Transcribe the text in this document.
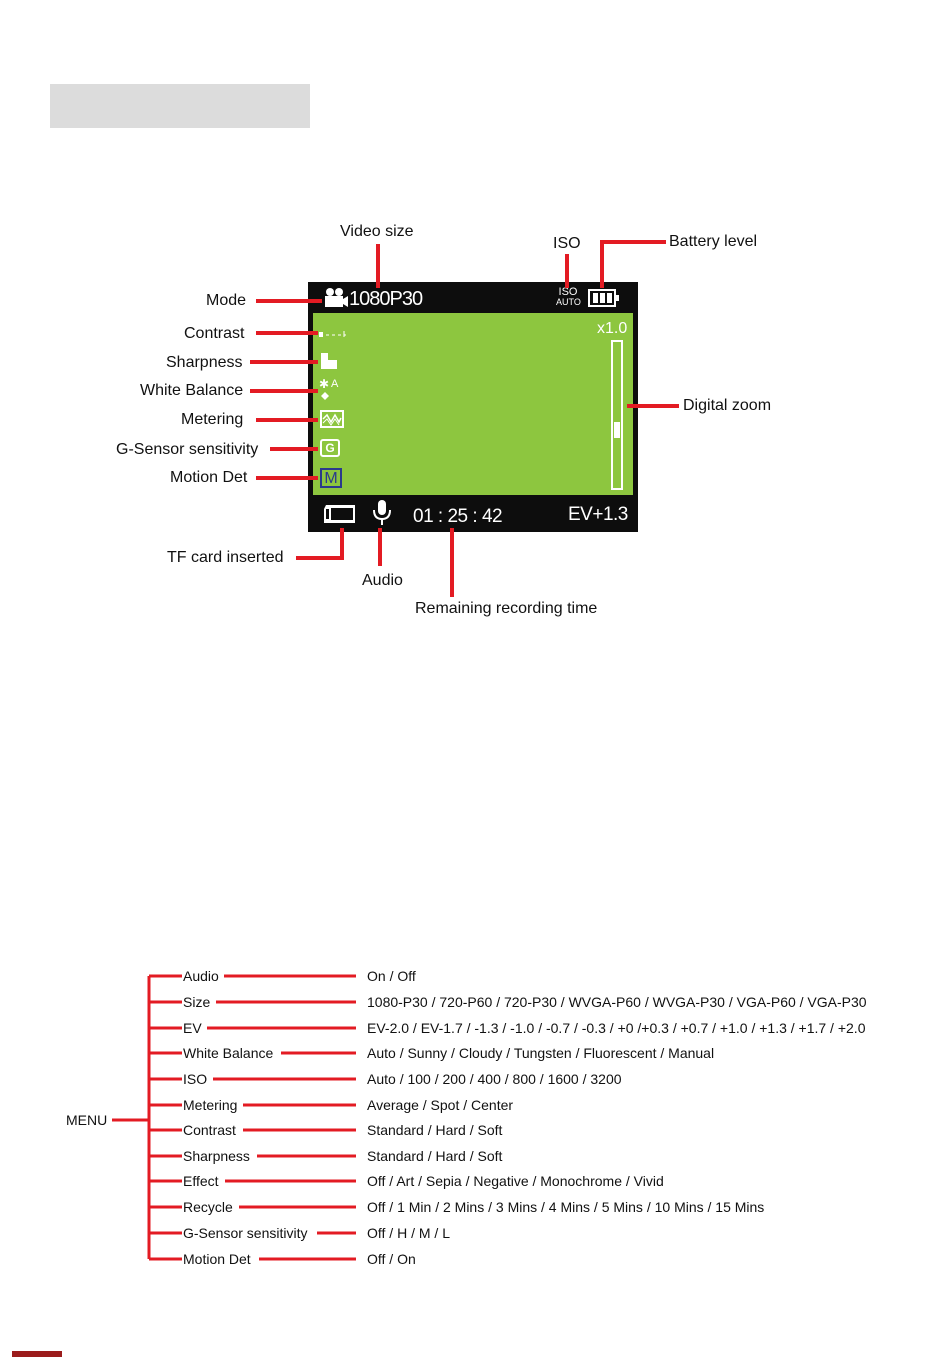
1080P30	ISO
AUTO
✱ A
G
M
x1.0
01 : 25 : 42	EV+1.3
Video size
ISO	Battery level
Mode
Contrast
Sharpness
White Balance
Metering
G-Sensor sensitivity
Motion Det
Digital zoom
TF card inserted
Audio
Remaining recording time
MENU
Audio	On / Off
Size	1080-P30 / 720-P60 / 720-P30 / WVGA-P60 / WVGA-P30 / VGA-P60 / VGA-P30
EV	EV-2.0 / EV-1.7 / -1.3 / -1.0 / -0.7 / -0.3 / +0 /+0.3 / +0.7 / +1.0 / +1.3 / +1.7 / +2.0
White Balance	Auto / Sunny / Cloudy / Tungsten / Fluorescent / Manual
ISO	Auto / 100 / 200 / 400 / 800 / 1600 / 3200
Metering	Average / Spot / Center
Contrast	Standard / Hard / Soft
Sharpness	Standard / Hard / Soft
Effect	Off / Art / Sepia / Negative / Monochrome / Vivid
Recycle	Off / 1 Min / 2 Mins / 3 Mins / 4 Mins / 5 Mins / 10 Mins / 15 Mins
G-Sensor sensitivity	Off / H / M / L
Motion Det	Off / On
